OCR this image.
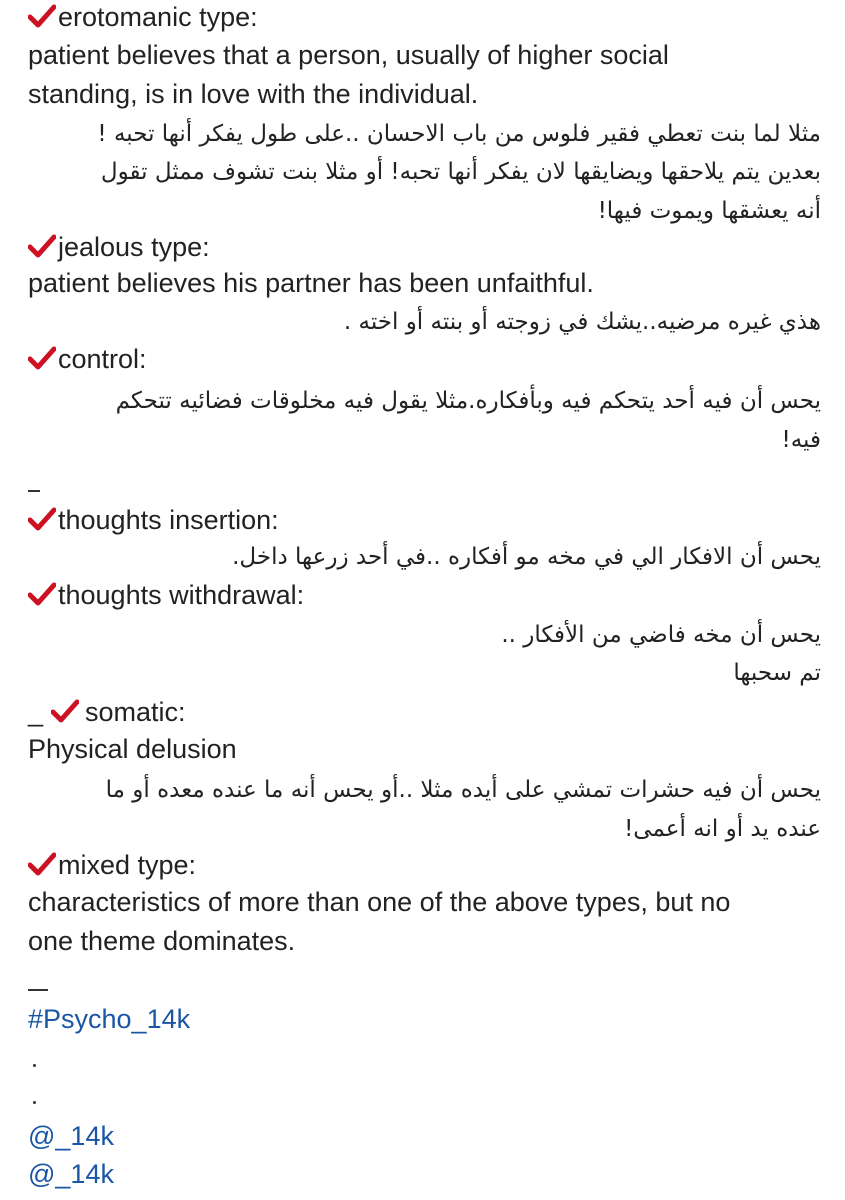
erotomanic type:
patient believes that a person, usually of higher social
standing, is in love with the individual.
مثلا لما بنت تعطي فقير فلوس من باب الاحسان ..على طول يفكر أنها تحبه !
بعدين يتم يلاحقها ويضايقها لان يفكر أنها تحبه! أو مثلا بنت تشوف ممثل تقول
أنه يعشقها ويموت فيها!
jealous type:
patient believes his partner has been unfaithful.
هذي غيره مرضيه..يشك في زوجته أو بنته أو اخته .
control:
يحس أن فيه أحد يتحكم فيه وبأفكاره.مثلا يقول فيه مخلوقات فضائيه تتحكم
فيه!
thoughts insertion:
يحس أن الافكار الي في مخه مو أفكاره ..في أحد زرعها داخل.
thoughts withdrawal:
يحس أن مخه فاضي من الأفكار ..
تم سحبها
_ somatic:
Physical delusion
يحس أن فيه حشرات تمشي على أيده مثلا ..أو يحس أنه ما عنده معده أو ما
عنده يد أو انه أعمى!
mixed type:
characteristics of more than one of the above types, but no
one theme dominates.
#Psycho_14k
@_14k
@_14k
